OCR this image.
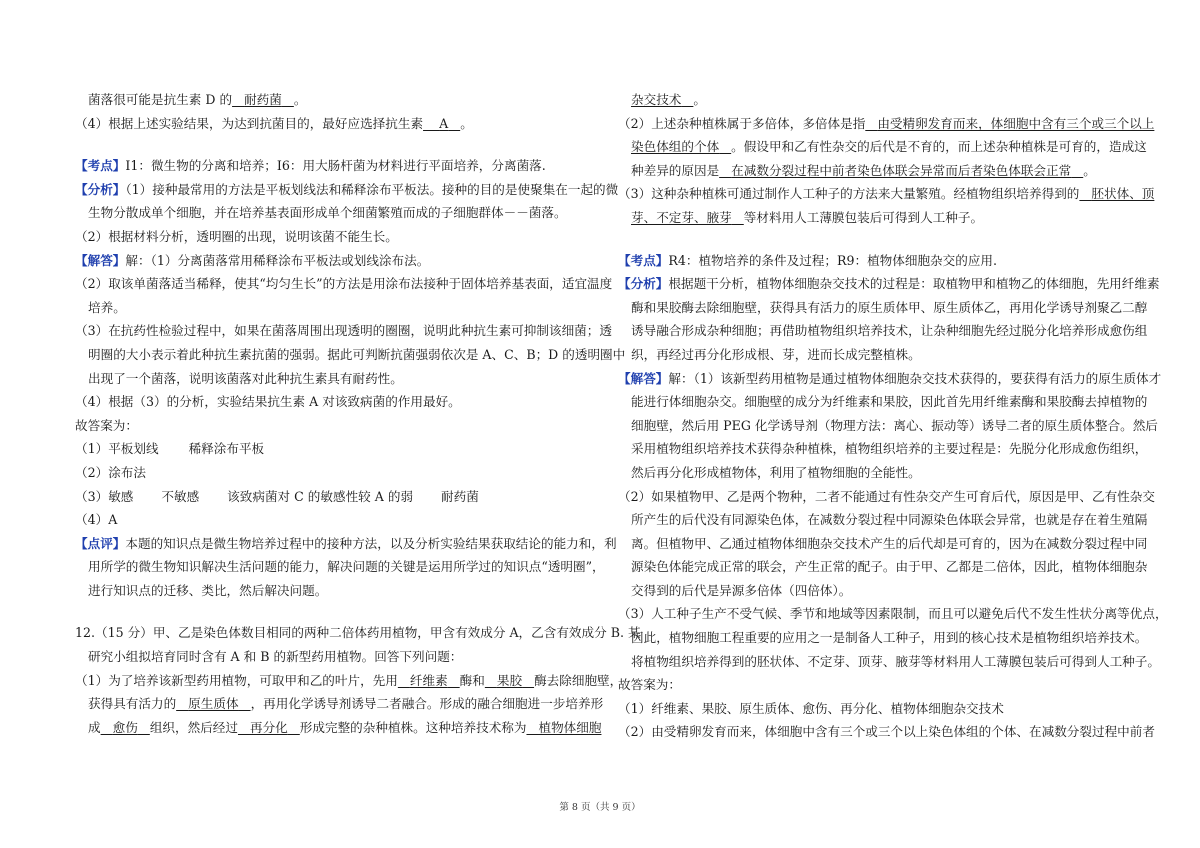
菌落很可能是抗生素 D 的 耐药菌 。
（4）根据上述实验结果，为达到抗菌目的，最好应选择抗生素 A 。
【考点】I1：微生物的分离和培养；I6：用大肠杆菌为材料进行平面培养，分离菌落.
【分析】（1）接种最常用的方法是平板划线法和稀释涂布平板法。接种的目的是使聚集在一起的微
生物分散成单个细胞，并在培养基表面形成单个细菌繁殖而成的子细胞群体－－菌落。
（2）根据材料分析，透明圈的出现，说明该菌不能生长。
【解答】解：（1）分离菌落常用稀释涂布平板法或划线涂布法。
（2）取该单菌落适当稀释，使其“均匀生长”的方法是用涂布法接种于固体培养基表面，适宜温度
培养。
（3）在抗药性检验过程中，如果在菌落周围出现透明的圈圈，说明此种抗生素可抑制该细菌；透
明圈的大小表示着此种抗生素抗菌的强弱。据此可判断抗菌强弱依次是 A、C、B；D 的透明圈中
出现了一个菌落，说明该菌落对此种抗生素具有耐药性。
（4）根据（3）的分析，实验结果抗生素 A 对该致病菌的作用最好。
故答案为：
（1）平板划线 稀释涂布平板
（2）涂布法
（3）敏感 不敏感 该致病菌对 C 的敏感性较 A 的弱 耐药菌
（4）A
【点评】本题的知识点是微生物培养过程中的接种方法，以及分析实验结果获取结论的能力和，利
用所学的微生物知识解决生活问题的能力，解决问题的关键是运用所学过的知识点“透明圈”，
进行知识点的迁移、类比，然后解决问题。
12.（15 分）甲、乙是染色体数目相同的两种二倍体药用植物，甲含有效成分 A，乙含有效成分 B. 某
研究小组拟培育同时含有 A 和 B 的新型药用植物。回答下列问题：
（1）为了培养该新型药用植物，可取甲和乙的叶片，先用 纤维素 酶和 果胶 酶去除细胞壁，
获得具有活力的 原生质体 ，再用化学诱导剂诱导二者融合。形成的融合细胞进一步培养形
成 愈伤 组织，然后经过 再分化 形成完整的杂种植株。这种培养技术称为 植物体细胞
杂交技术 。
（2）上述杂种植株属于多倍体，多倍体是指 由受精卵发育而来，体细胞中含有三个或三个以上
染色体组的个体 。假设甲和乙有性杂交的后代是不育的，而上述杂种植株是可育的，造成这
种差异的原因是 在减数分裂过程中前者染色体联会异常而后者染色体联会正常 。
（3）这种杂种植株可通过制作人工种子的方法来大量繁殖。经植物组织培养得到的 胚状体、顶
芽、不定芽、腋芽 等材料用人工薄膜包装后可得到人工种子。
【考点】R4：植物培养的条件及过程；R9：植物体细胞杂交的应用.
【分析】根据题干分析，植物体细胞杂交技术的过程是：取植物甲和植物乙的体细胞，先用纤维素
酶和果胶酶去除细胞壁，获得具有活力的原生质体甲、原生质体乙，再用化学诱导剂聚乙二醇
诱导融合形成杂种细胞；再借助植物组织培养技术，让杂种细胞先经过脱分化培养形成愈伤组
织，再经过再分化形成根、芽，进而长成完整植株。
【解答】解：（1）该新型药用植物是通过植物体细胞杂交技术获得的，要获得有活力的原生质体才
能进行体细胞杂交。细胞壁的成分为纤维素和果胶，因此首先用纤维素酶和果胶酶去掉植物的
细胞壁，然后用 PEG 化学诱导剂（物理方法：离心、振动等）诱导二者的原生质体整合。然后
采用植物组织培养技术获得杂种植株，植物组织培养的主要过程是：先脱分化形成愈伤组织，
然后再分化形成植物体，利用了植物细胞的全能性。
（2）如果植物甲、乙是两个物种，二者不能通过有性杂交产生可育后代，原因是甲、乙有性杂交
所产生的后代没有同源染色体，在减数分裂过程中同源染色体联会异常，也就是存在着生殖隔
离。但植物甲、乙通过植物体细胞杂交技术产生的后代却是可育的，因为在减数分裂过程中同
源染色体能完成正常的联会，产生正常的配子。由于甲、乙都是二倍体，因此，植物体细胞杂
交得到的后代是异源多倍体（四倍体）。
（3）人工种子生产不受气候、季节和地域等因素限制，而且可以避免后代不发生性状分离等优点，
因此，植物细胞工程重要的应用之一是制备人工种子，用到的核心技术是植物组织培养技术。
将植物组织培养得到的胚状体、不定芽、顶芽、腋芽等材料用人工薄膜包装后可得到人工种子。
故答案为：
（1）纤维素、果胶、原生质体、愈伤、再分化、植物体细胞杂交技术
（2）由受精卵发育而来，体细胞中含有三个或三个以上染色体组的个体、在减数分裂过程中前者
第 8 页（共 9 页）
